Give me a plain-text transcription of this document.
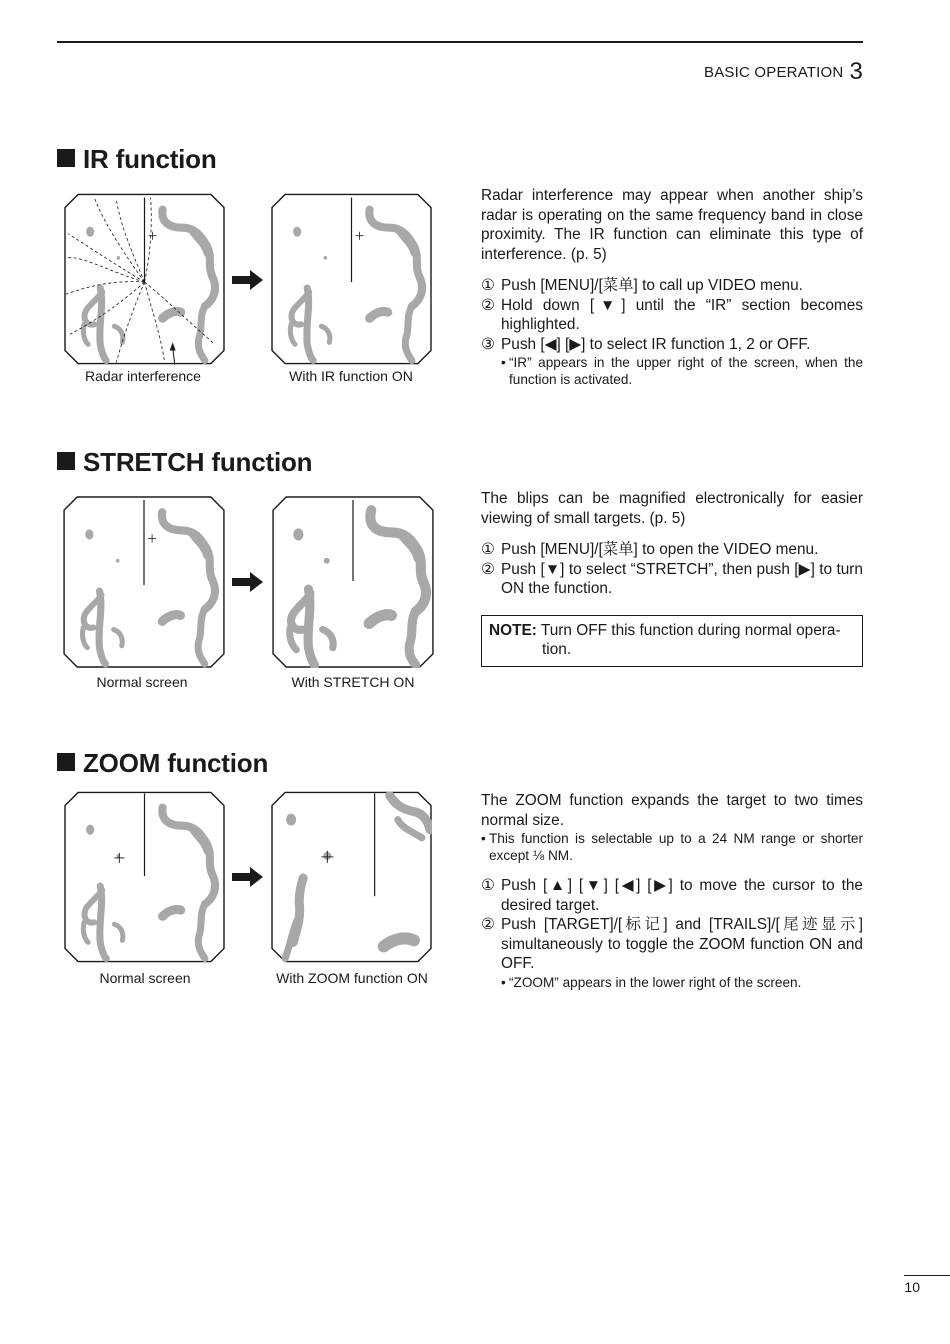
BASIC OPERATION 3
IR function
Radar interference	With IR function ON

Radar interference may appear when another ship’s radar is operating on the same frequency band in close proximity. The IR function can eliminate this type of interference. (p. 5)

① Push [MENU]/[菜单] to call up VIDEO menu.
② Hold down [▼] until the “IR” section becomes highlighted.
③ Push [◀] [▶] to select IR function 1, 2 or OFF.
• “IR” appears in the upper right of the screen, when the function is activated.
STRETCH function
Normal screen	With STRETCH ON

The blips can be magnified electronically for easier viewing of small targets. (p. 5)

① Push [MENU]/[菜单] to open the VIDEO menu.
② Push [▼] to select “STRETCH”, then push [▶] to turn ON the function.
NOTE: Turn OFF this function during normal opera-
tion.
ZOOM function
Normal screen	With ZOOM function ON

The ZOOM function expands the target to two times normal size.

• This function is selectable up to a 24 NM range or shorter except ⅛ NM.
① Push [▲] [▼] [◀] [▶] to move the cursor to the desired target.
② Push [TARGET]/[标记] and [TRAILS]/[尾迹显示] simultaneously to toggle the ZOOM function ON and OFF.
• “ZOOM” appears in the lower right of the screen.
10
